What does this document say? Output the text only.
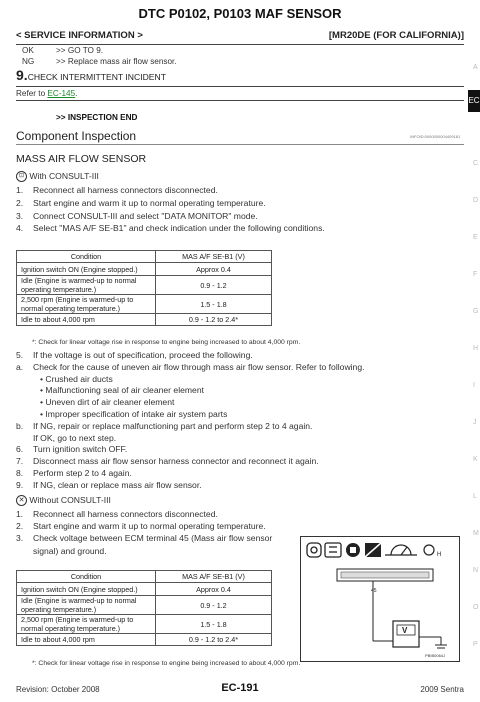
DTC P0102, P0103 MAF SENSOR
< SERVICE INFORMATION >	[MR20DE (FOR CALIFORNIA)]
EC
A
C
D
E
F
G
H
I
J
K
L
M
N
O
P
OK	>> GO TO 9.
NG	>> Replace mass air flow sensor.
9.CHECK INTERMITTENT INCIDENT
Refer to EC-145.
>> INSPECTION END
Component Inspection	INFOID:0000000004409181
MASS AIR FLOW SENSOR
⊡ With CONSULT-III
1. Reconnect all harness connectors disconnected.
2. Start engine and warm it up to normal operating temperature.
3. Connect CONSULT-III and select "DATA MONITOR" mode.
4. Select "MAS A/F SE-B1" and check indication under the following conditions.
Condition	MAS A/F SE-B1 (V)
Ignition switch ON (Engine stopped.)	Approx 0.4
Idle (Engine is warmed-up to normal operating temperature.)	0.9 - 1.2
2,500 rpm (Engine is warmed-up to normal operating temperature.)	1.5 - 1.8
Idle to about 4,000 rpm	0.9 - 1.2 to 2.4*
*: Check for linear voltage rise in response to engine being increased to about 4,000 rpm.
5. If the voltage is out of specification, proceed the following.
a. Check for the cause of uneven air flow through mass air flow sensor. Refer to following.
• Crushed air ducts
• Malfunctioning seal of air cleaner element
• Uneven dirt of air cleaner element
• Improper specification of intake air system parts
b. If NG, repair or replace malfunctioning part and perform step 2 to 4 again.
If OK, go to next step.
6. Turn ignition switch OFF.
7. Disconnect mass air flow sensor harness connector and reconnect it again.
8. Perform step 2 to 4 again.
9. If NG, clean or replace mass air flow sensor.
✕ Without CONSULT-III
1. Reconnect all harness connectors disconnected.
2. Start engine and warm it up to normal operating temperature.
3. Check voltage between ECM terminal 45 (Mass air flow sensor
signal) and ground.
Condition	MAS A/F SE-B1 (V)
Ignition switch ON (Engine stopped.)	Approx 0.4
Idle (Engine is warmed-up to normal operating temperature.)	0.9 - 1.2
2,500 rpm (Engine is warmed-up to normal operating temperature.)	1.5 - 1.8
Idle to about 4,000 rpm	0.9 - 1.2 to 2.4*
*: Check for linear voltage rise in response to engine being increased to about 4,000 rpm.
H
45
V
PBIB0064J
Revision: October 2008	EC-191	2009 Sentra
